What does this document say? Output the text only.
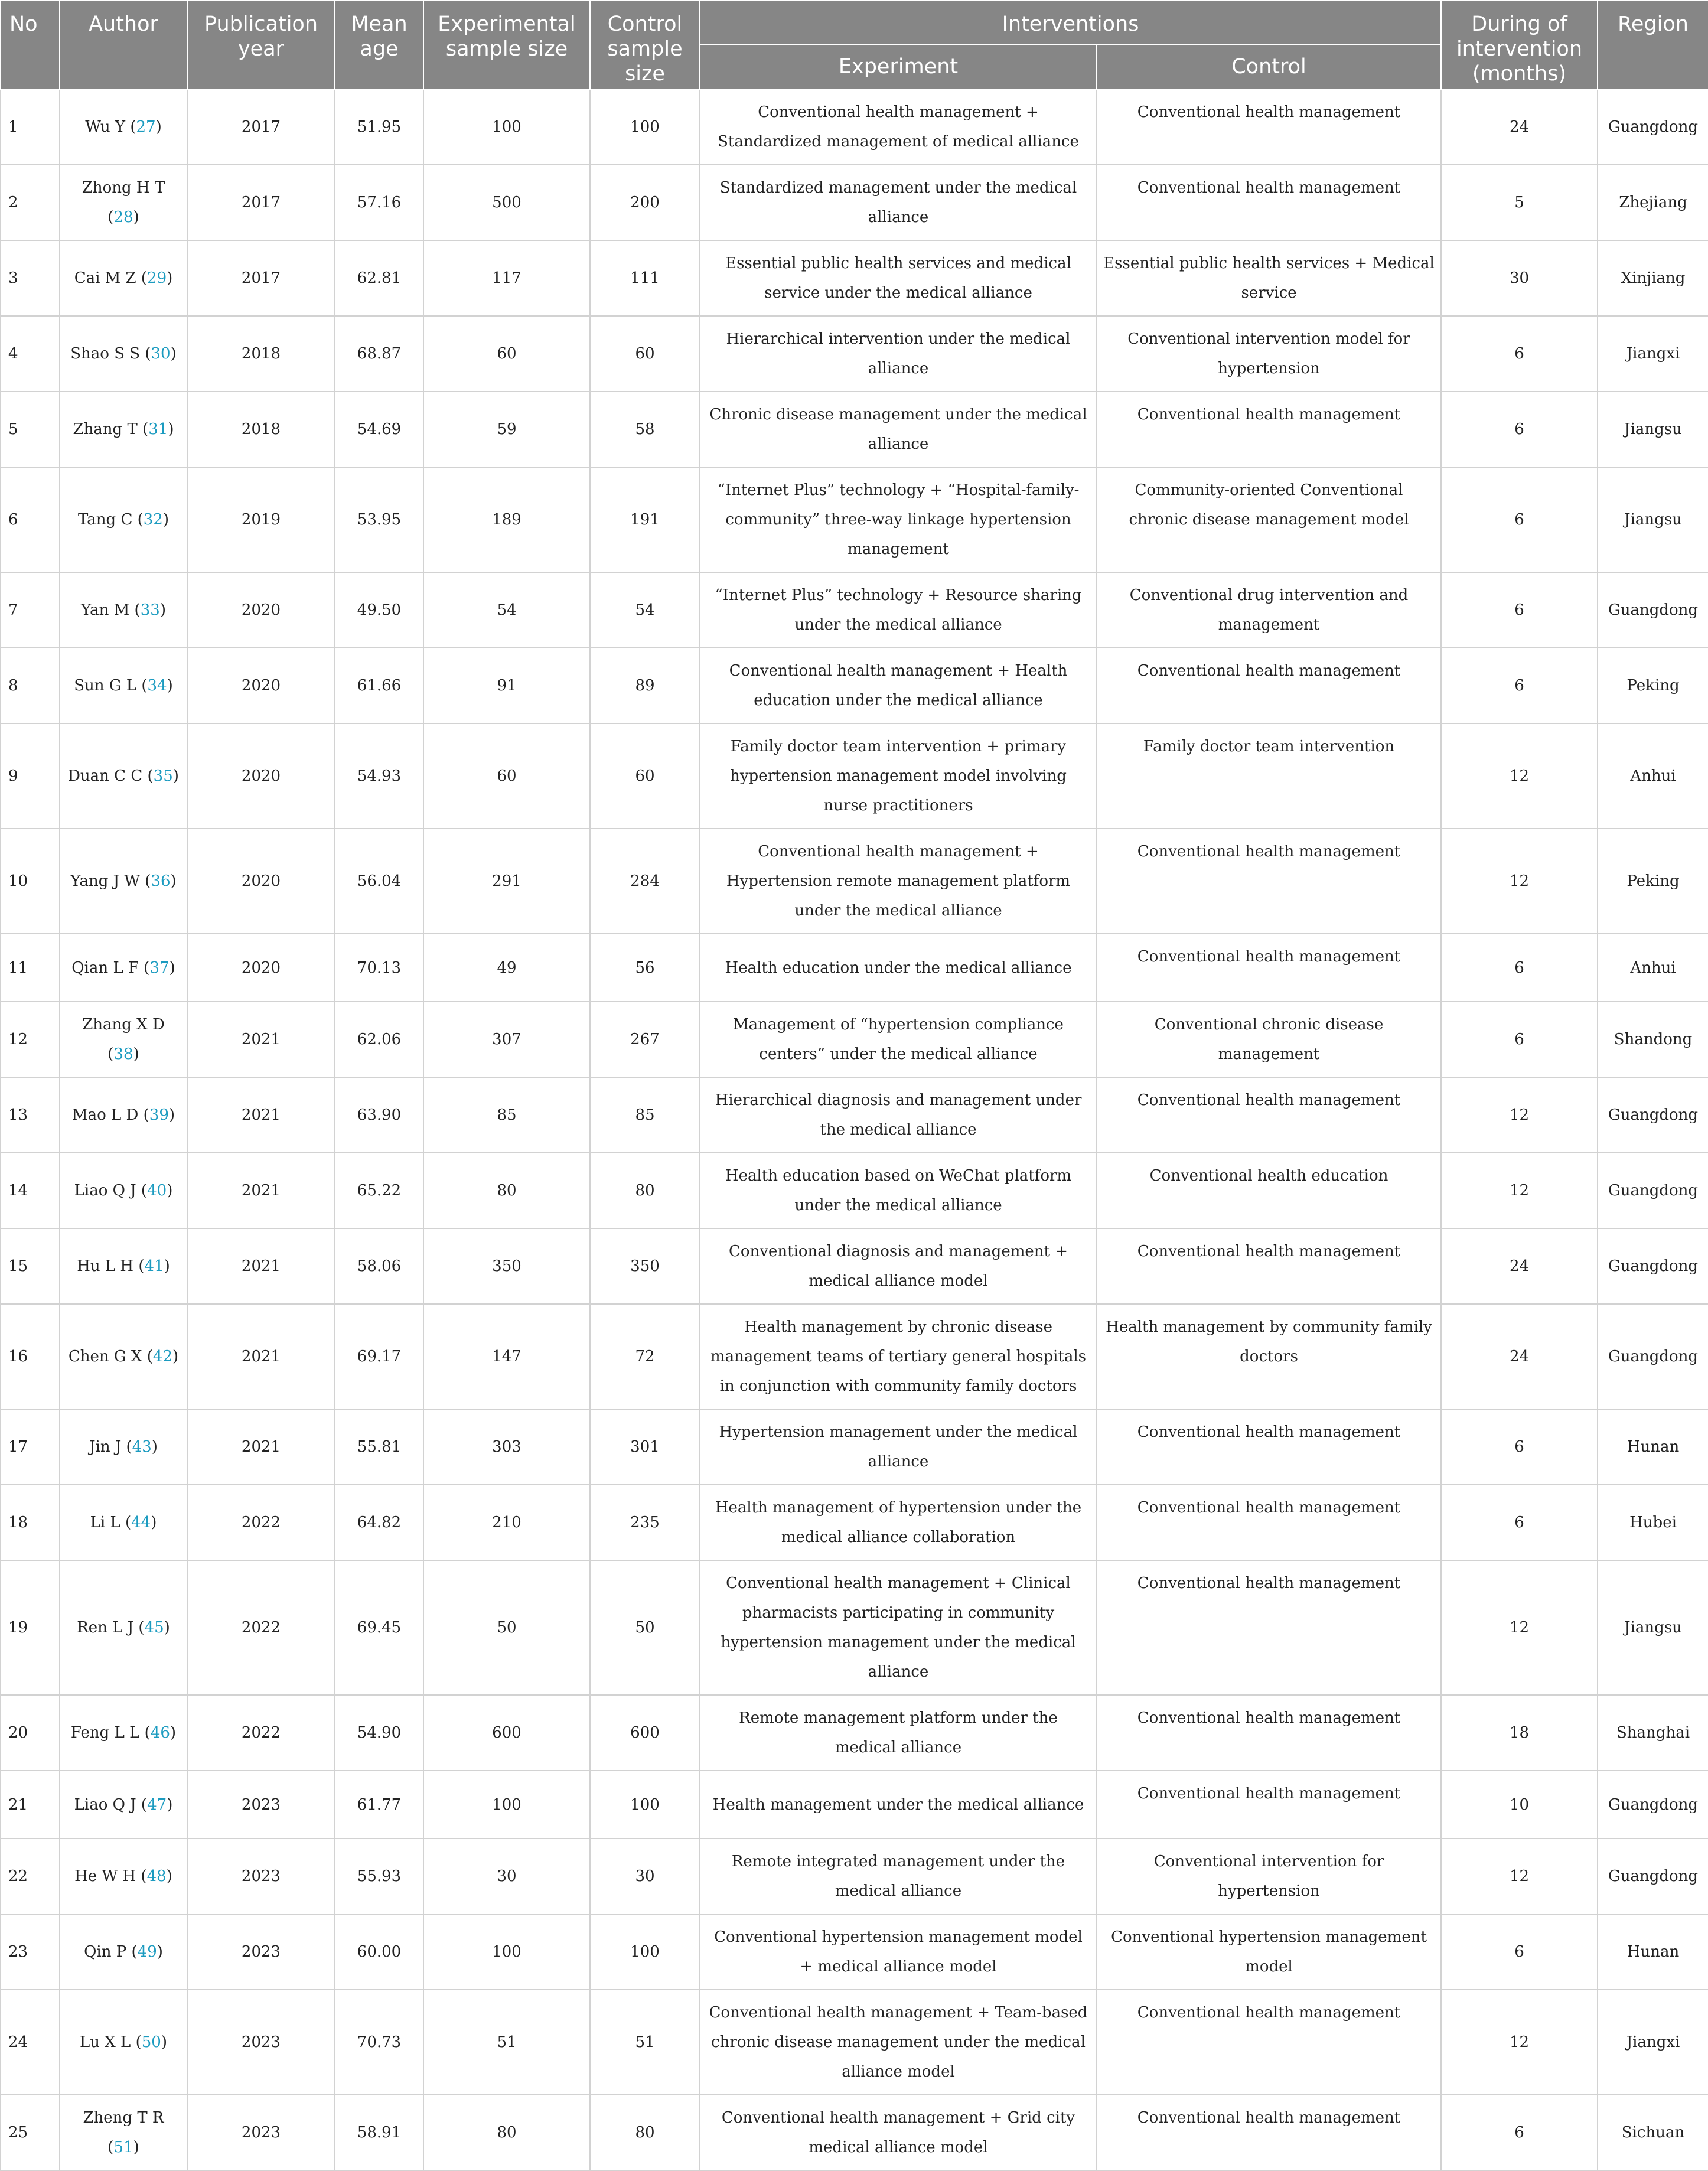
No	Author	Publication year	Mean age	Experimental sample size	Control sample size	Interventions		During of intervention (months)	Region
						Experiment	Control		
1	Wu Y (27)	2017	51.95	100	100	Conventional health management + Standardized management of medical alliance	Conventional health management	24	Guangdong
2	Zhong H T (28)	2017	57.16	500	200	Standardized management under the medical alliance	Conventional health management	5	Zhejiang
3	Cai M Z (29)	2017	62.81	117	111	Essential public health services and medical service under the medical alliance	Essential public health services + Medical service	30	Xinjiang
4	Shao S S (30)	2018	68.87	60	60	Hierarchical intervention under the medical alliance	Conventional intervention model for hypertension	6	Jiangxi
5	Zhang T (31)	2018	54.69	59	58	Chronic disease management under the medical alliance	Conventional health management	6	Jiangsu
6	Tang C (32)	2019	53.95	189	191	“Internet Plus” technology + “Hospital-family-community” three-way linkage hypertension management	Community-oriented Conventional chronic disease management model	6	Jiangsu
7	Yan M (33)	2020	49.50	54	54	“Internet Plus” technology + Resource sharing under the medical alliance	Conventional drug intervention and management	6	Guangdong
8	Sun G L (34)	2020	61.66	91	89	Conventional health management + Health education under the medical alliance	Conventional health management	6	Peking
9	Duan C C (35)	2020	54.93	60	60	Family doctor team intervention + primary hypertension management model involving nurse practitioners	Family doctor team intervention	12	Anhui
10	Yang J W (36)	2020	56.04	291	284	Conventional health management + Hypertension remote management platform under the medical alliance	Conventional health management	12	Peking
11	Qian L F (37)	2020	70.13	49	56	Health education under the medical alliance	Conventional health management	6	Anhui
12	Zhang X D (38)	2021	62.06	307	267	Management of “hypertension compliance centers” under the medical alliance	Conventional chronic disease management	6	Shandong
13	Mao L D (39)	2021	63.90	85	85	Hierarchical diagnosis and management under the medical alliance	Conventional health management	12	Guangdong
14	Liao Q J (40)	2021	65.22	80	80	Health education based on WeChat platform under the medical alliance	Conventional health education	12	Guangdong
15	Hu L H (41)	2021	58.06	350	350	Conventional diagnosis and management + medical alliance model	Conventional health management	24	Guangdong
16	Chen G X (42)	2021	69.17	147	72	Health management by chronic disease management teams of tertiary general hospitals in conjunction with community family doctors	Health management by community family doctors	24	Guangdong
17	Jin J (43)	2021	55.81	303	301	Hypertension management under the medical alliance	Conventional health management	6	Hunan
18	Li L (44)	2022	64.82	210	235	Health management of hypertension under the medical alliance collaboration	Conventional health management	6	Hubei
19	Ren L J (45)	2022	69.45	50	50	Conventional health management + Clinical pharmacists participating in community hypertension management under the medical alliance	Conventional health management	12	Jiangsu
20	Feng L L (46)	2022	54.90	600	600	Remote management platform under the medical alliance	Conventional health management	18	Shanghai
21	Liao Q J (47)	2023	61.77	100	100	Health management under the medical alliance	Conventional health management	10	Guangdong
22	He W H (48)	2023	55.93	30	30	Remote integrated management under the medical alliance	Conventional intervention for hypertension	12	Guangdong
23	Qin P (49)	2023	60.00	100	100	Conventional hypertension management model + medical alliance model	Conventional hypertension management model	6	Hunan
24	Lu X L (50)	2023	70.73	51	51	Conventional health management + Team-based chronic disease management under the medical alliance model	Conventional health management	12	Jiangxi
25	Zheng T R (51)	2023	58.91	80	80	Conventional health management + Grid city medical alliance model	Conventional health management	6	Sichuan
